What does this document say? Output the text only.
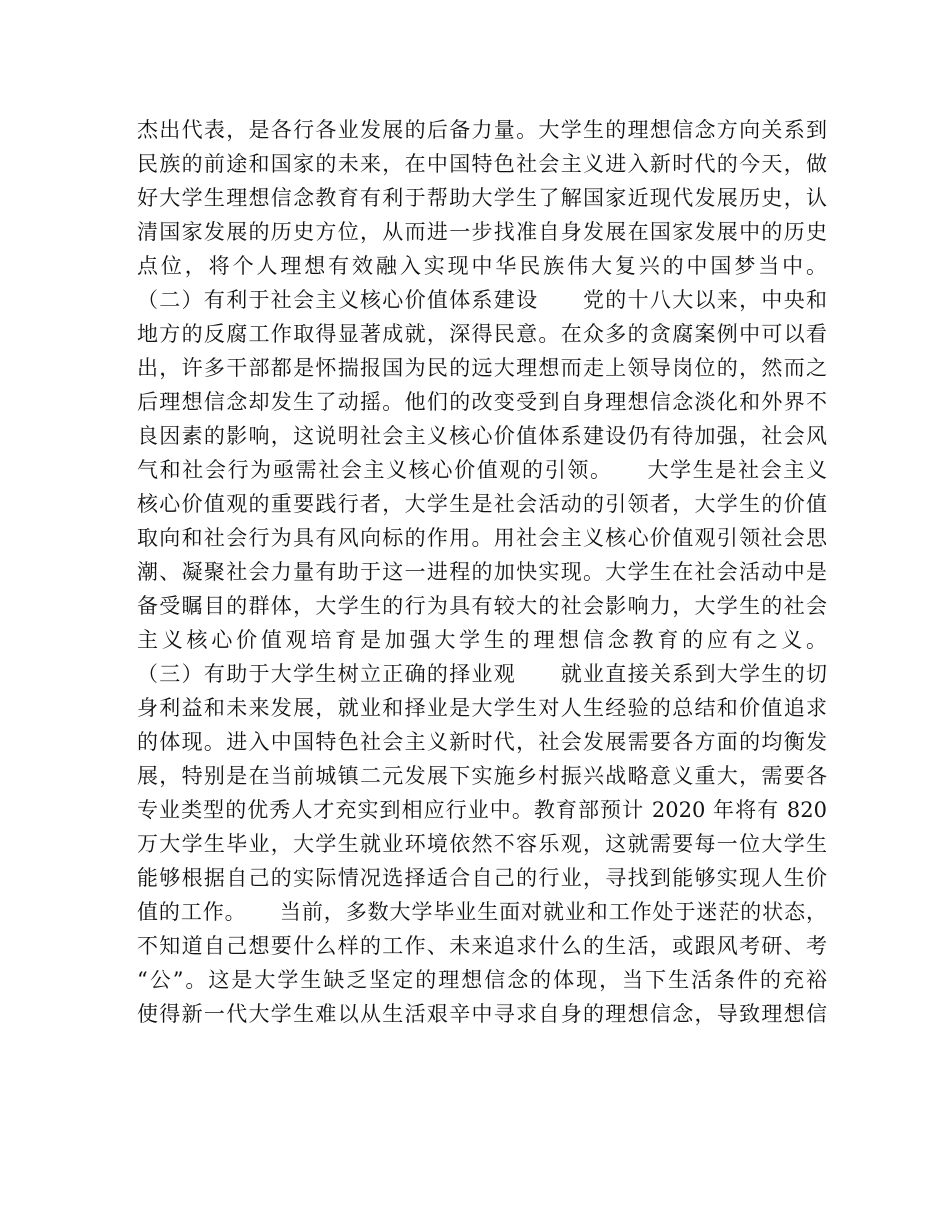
杰出代表，是各行各业发展的后备力量。大学生的理想信念方向关系到
民族的前途和国家的未来，在中国特色社会主义进入新时代的今天，做
好大学生理想信念教育有利于帮助大学生了解国家近现代发展历史，认
清国家发展的历史方位，从而进一步找准自身发展在国家发展中的历史
点位，将个人理想有效融入实现中华民族伟大复兴的中国梦当中。
（二）有利于社会主义核心价值体系建设　　党的十八大以来，中央和
地方的反腐工作取得显著成就，深得民意。在众多的贪腐案例中可以看
出，许多干部都是怀揣报国为民的远大理想而走上领导岗位的，然而之
后理想信念却发生了动摇。他们的改变受到自身理想信念淡化和外界不
良因素的影响，这说明社会主义核心价值体系建设仍有待加强，社会风
气和社会行为亟需社会主义核心价值观的引领。　　大学生是社会主义
核心价值观的重要践行者，大学生是社会活动的引领者，大学生的价值
取向和社会行为具有风向标的作用。用社会主义核心价值观引领社会思
潮、凝聚社会力量有助于这一进程的加快实现。大学生在社会活动中是
备受瞩目的群体，大学生的行为具有较大的社会影响力，大学生的社会
主义核心价值观培育是加强大学生的理想信念教育的应有之义。
（三）有助于大学生树立正确的择业观　　就业直接关系到大学生的切
身利益和未来发展，就业和择业是大学生对人生经验的总结和价值追求
的体现。进入中国特色社会主义新时代，社会发展需要各方面的均衡发
展，特别是在当前城镇二元发展下实施乡村振兴战略意义重大，需要各
专业类型的优秀人才充实到相应行业中。教育部预计 2020 年将有 820
万大学生毕业，大学生就业环境依然不容乐观，这就需要每一位大学生
能够根据自己的实际情况选择适合自己的行业，寻找到能够实现人生价
值的工作。　　当前，多数大学毕业生面对就业和工作处于迷茫的状态，
不知道自己想要什么样的工作、未来追求什么的生活，或跟风考研、考
“公”。这是大学生缺乏坚定的理想信念的体现，当下生活条件的充裕
使得新一代大学生难以从生活艰辛中寻求自身的理想信念，导致理想信
